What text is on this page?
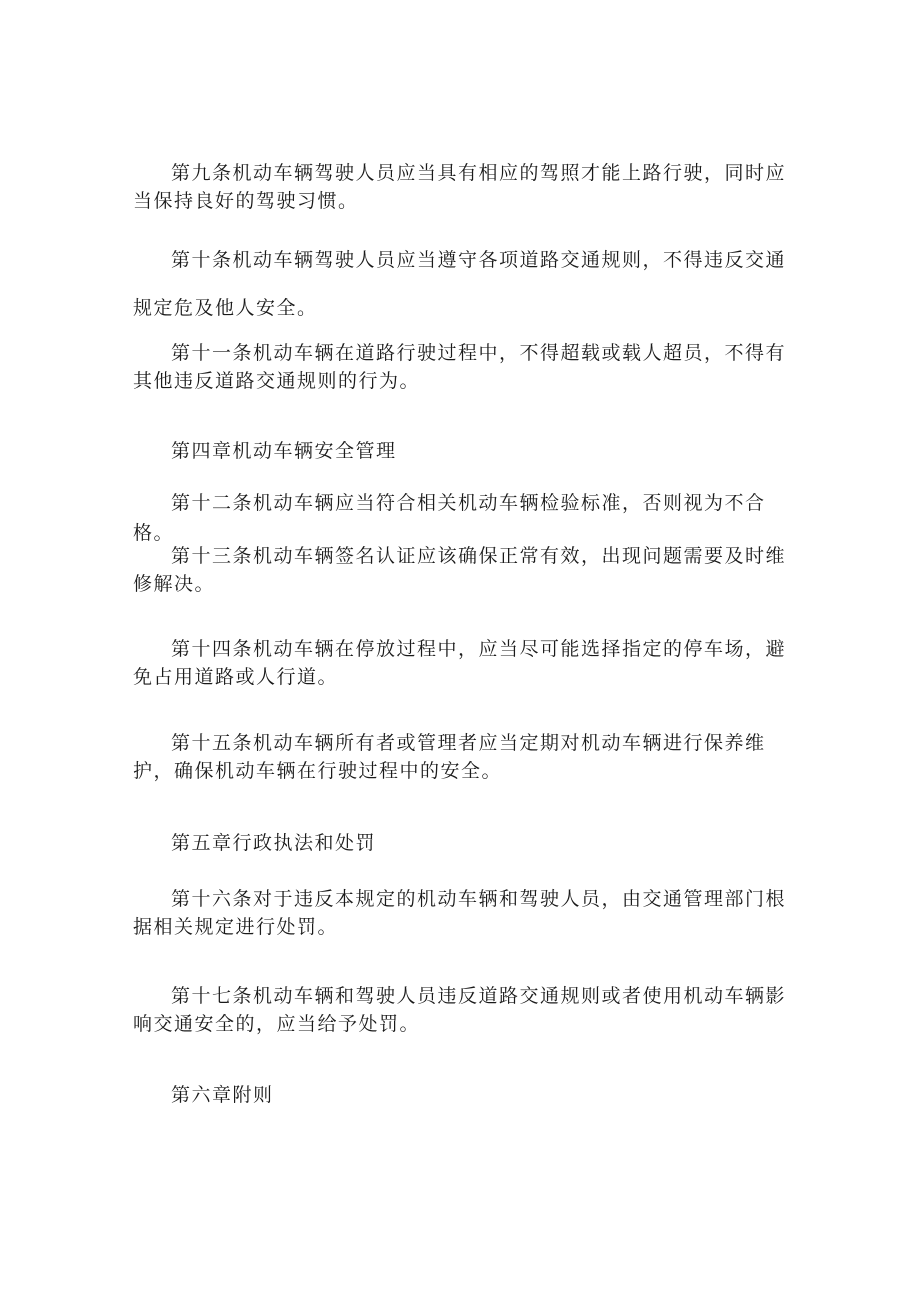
第九条机动车辆驾驶人员应当具有相应的驾照才能上路行驶，同时应当保持良好的驾驶习惯。

第十条机动车辆驾驶人员应当遵守各项道路交通规则，不得违反交通规定危及他人安全。

第十一条机动车辆在道路行驶过程中，不得超载或载人超员，不得有其他违反道路交通规则的行为。

第四章机动车辆安全管理

第十二条机动车辆应当符合相关机动车辆检验标准，否则视为不合格。

第十三条机动车辆签名认证应该确保正常有效，出现问题需要及时维修解决。

第十四条机动车辆在停放过程中，应当尽可能选择指定的停车场，避免占用道路或人行道。

第十五条机动车辆所有者或管理者应当定期对机动车辆进行保养维护，确保机动车辆在行驶过程中的安全。

第五章行政执法和处罚

第十六条对于违反本规定的机动车辆和驾驶人员，由交通管理部门根据相关规定进行处罚。

第十七条机动车辆和驾驶人员违反道路交通规则或者使用机动车辆影响交通安全的，应当给予处罚。

第六章附则
